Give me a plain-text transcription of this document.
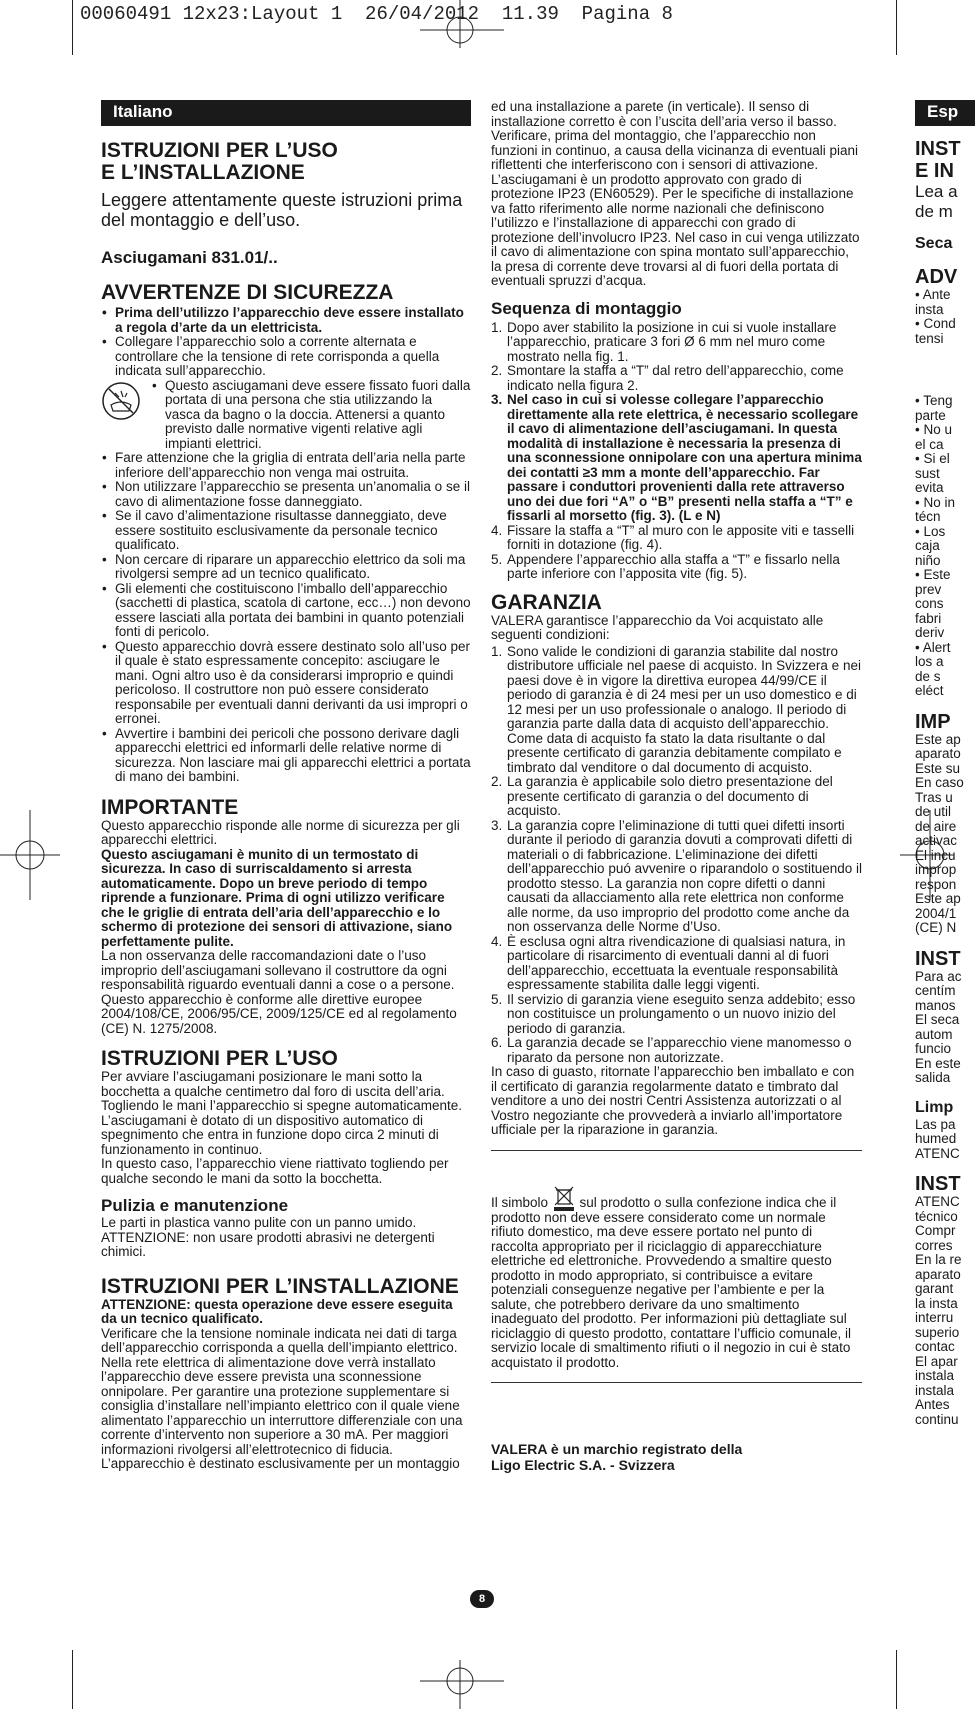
00060491 12x23:Layout 1  26/04/2012  11.39  Pagina 8
Italiano
ISTRUZIONI PER L’USO
E L’INSTALLAZIONE
Leggere attentamente queste istruzioni prima del montaggio e dell’uso.
Asciugamani 831.01/..
AVVERTENZE DI SICUREZZA
• Prima dell’utilizzo l’apparecchio deve essere installato a regola d’arte da un elettricista.
• Collegare l’apparecchio solo a corrente alternata e controllare che la tensione di rete corrisponda a quella indicata sull’apparecchio.
• Questo asciugamani deve essere fissato fuori dalla portata di una persona che stia utilizzando la vasca da bagno o la doccia. Attenersi a quanto previsto dalle normative vigenti relative agli impianti elettrici.
• Fare attenzione che la griglia di entrata dell’aria nella parte inferiore dell’apparecchio non venga mai ostruita.
• Non utilizzare l’apparecchio se presenta un’anomalia o se il cavo di alimentazione fosse danneggiato.
• Se il cavo d’alimentazione risultasse danneggiato, deve essere sostituito esclusivamente da personale tecnico qualificato.
• Non cercare di riparare un apparecchio elettrico da soli ma rivolgersi sempre ad un tecnico qualificato.
• Gli elementi che costituiscono l’imballo dell’apparecchio (sacchetti di plastica, scatola di cartone, ecc…) non devono essere lasciati alla portata dei bambini in quanto potenziali fonti di pericolo.
• Questo apparecchio dovrà essere destinato solo all’uso per il quale è stato espressamente concepito: asciugare le mani. Ogni altro uso è da considerarsi improprio e quindi pericoloso. Il costruttore non può essere considerato responsabile per eventuali danni derivanti da usi impropri o erronei.
• Avvertire i bambini dei pericoli che possono derivare dagli apparecchi elettrici ed informarli delle relative norme di sicurezza. Non lasciare mai gli apparecchi elettrici a portata di mano dei bambini.
IMPORTANTE
Questo apparecchio risponde alle norme di sicurezza per gli apparecchi elettrici.
Questo asciugamani è munito di un termostato di sicurezza. In caso di surriscaldamento si arresta automaticamente. Dopo un breve periodo di tempo riprende a funzionare. Prima di ogni utilizzo verificare che le griglie di entrata dell’aria dell’apparecchio e lo schermo di protezione dei sensori di attivazione, siano perfettamente pulite.
La non osservanza delle raccomandazioni date o l’uso improprio dell’asciugamani sollevano il costruttore da ogni responsabilità riguardo eventuali danni a cose o a persone. Questo apparecchio è conforme alle direttive europee 2004/108/CE, 2006/95/CE, 2009/125/CE ed al regolamento (CE) N. 1275/2008.
ISTRUZIONI PER L’USO
Per avviare l’asciugamani posizionare le mani sotto la bocchetta a qualche centimetro dal foro di uscita dell’aria. Togliendo le mani l’apparecchio si spegne automaticamente. L’asciugamani è dotato di un dispositivo automatico di spegnimento che entra in funzione dopo circa 2 minuti di funzionamento in continuo.
In questo caso, l’apparecchio viene riattivato togliendo per qualche secondo le mani da sotto la bocchetta.
Pulizia e manutenzione
Le parti in plastica vanno pulite con un panno umido. ATTENZIONE: non usare prodotti abrasivi ne detergenti chimici.
ISTRUZIONI PER L’INSTALLAZIONE
ATTENZIONE: questa operazione deve essere eseguita da un tecnico qualificato.
Verificare che la tensione nominale indicata nei dati di targa dell’apparecchio corrisponda a quella dell’impianto elettrico. Nella rete elettrica di alimentazione dove verrà installato l’apparecchio deve essere prevista una sconnessione onnipolare. Per garantire una protezione supplementare si consiglia d’installare nell’impianto elettrico con il quale viene alimentato l’apparecchio un interruttore differenziale con una corrente d’intervento non superiore a 30 mA. Per maggiori informazioni rivolgersi all’elettrotecnico di fiducia. L’apparecchio è destinato esclusivamente per un montaggio
ed una installazione a parete (in verticale). Il senso di installazione corretto è con l’uscita dell’aria verso il basso. Verificare, prima del montaggio, che l’apparecchio non funzioni in continuo, a causa della vicinanza di eventuali piani riflettenti che interferiscono con i sensori di attivazione. L’asciugamani è un prodotto approvato con grado di protezione IP23 (EN60529). Per le specifiche di installazione va fatto riferimento alle norme nazionali che definiscono l’utilizzo e l’installazione di apparecchi con grado di protezione dell’involucro IP23. Nel caso in cui venga utilizzato il cavo di alimentazione con spina montato sull’apparecchio, la presa di corrente deve trovarsi al di fuori della portata di eventuali spruzzi d’acqua.
Sequenza di montaggio
1. Dopo aver stabilito la posizione in cui si vuole installare l’apparecchio, praticare 3 fori Ø 6 mm nel muro come mostrato nella fig. 1.
2. Smontare la staffa a “T” dal retro dell’apparecchio, come indicato nella figura 2.
3. Nel caso in cui si volesse collegare l’apparecchio direttamente alla rete elettrica, è necessario scollegare il cavo di alimentazione dell’asciugamani. In questa modalità di installazione è necessaria la presenza di una sconnessione onnipolare con una apertura minima dei contatti ≥3 mm a monte dell’apparecchio. Far passare i conduttori provenienti dalla rete attraverso uno dei due fori “A” o “B” presenti nella staffa a “T” e fissarli al morsetto (fig. 3). (L e N)
4. Fissare la staffa a “T” al muro con le apposite viti e tasselli forniti in dotazione (fig. 4).
5. Appendere l’apparecchio alla staffa a “T” e fissarlo nella parte inferiore con l’apposita vite (fig. 5).
GARANZIA
VALERA garantisce l’apparecchio da Voi acquistato alle seguenti condizioni:
1. Sono valide le condizioni di garanzia stabilite dal nostro distributore ufficiale nel paese di acquisto. In Svizzera e nei paesi dove è in vigore la direttiva europea 44/99/CE il periodo di garanzia è di 24 mesi per un uso domestico e di 12 mesi per un uso professionale o analogo. Il periodo di garanzia parte dalla data di acquisto dell’apparecchio. Come data di acquisto fa stato la data risultante o dal presente certificato di garanzia debitamente compilato e timbrato dal venditore o dal documento di acquisto.
2. La garanzia è applicabile solo dietro presentazione del presente certificato di garanzia o del documento di acquisto.
3. La garanzia copre l’eliminazione di tutti quei difetti insorti durante il periodo di garanzia dovuti a comprovati difetti di materiali o di fabbricazione. L’eliminazione dei difetti dell’apparecchio puó avvenire o riparandolo o sostituendo il prodotto stesso. La garanzia non copre difetti o danni causati da allacciamento alla rete elettrica non conforme alle norme, da uso improprio del prodotto come anche da non osservanza delle Norme d’Uso.
4. È esclusa ogni altra rivendicazione di qualsiasi natura, in particolare di risarcimento di eventuali danni al di fuori dell’apparecchio, eccettuata la eventuale responsabilità espressamente stabilita dalle leggi vigenti.
5. Il servizio di garanzia viene eseguito senza addebito; esso non costituisce un prolungamento o un nuovo inizio del periodo di garanzia.
6. La garanzia decade se l’apparecchio viene manomesso o riparato da persone non autorizzate.
In caso di guasto, ritornate l’apparecchio ben imballato e con il certificato di garanzia regolarmente datato e timbrato dal venditore a uno dei nostri Centri Assistenza autorizzati o al Vostro negoziante che provvederà a inviarlo all’importatore ufficiale per la riparazione in garanzia.
Il simbolo  sul prodotto o sulla confezione indica che il prodotto non deve essere considerato come un normale rifiuto domestico, ma deve essere portato nel punto di raccolta appropriato per il riciclaggio di apparecchiature elettriche ed elettroniche. Provvedendo a smaltire questo prodotto in modo appropriato, si contribuisce a evitare potenziali conseguenze negative per l’ambiente e per la salute, che potrebbero derivare da uno smaltimento inadeguato del prodotto. Per informazioni più dettagliate sul riciclaggio di questo prodotto, contattare l’ufficio comunale, il servizio locale di smaltimento rifiuti o il negozio in cui è stato acquistato il prodotto.
VALERA è un marchio registrato della
Ligo Electric S.A. - Svizzera
Esp
INST
E IN
Lea a
de m
Seca
ADV
• Ante
insta
• Cond
tensi
• Teng
parte
• No u
el ca
• Si el
sust
evita
• No in
técn
• Los
caja
niño
• Este
prev
cons
fabri
deriv
• Alert
los a
de s
eléct
IMP
Este ap
aparato
Este su
En caso
Tras u
de util
de aire
activac
El incu
improp
respon
Este ap
2004/1
(CE) N
INST
Para ac
centím
manos
El seca
autom
funcio
En este
salida
Limp
Las pa
humed
ATENC
INST
ATENC
técnico
Compr
corres
En la re
aparato
garant
la insta
interru
superio
contac
El apar
instala
instala
Antes
continu
8
